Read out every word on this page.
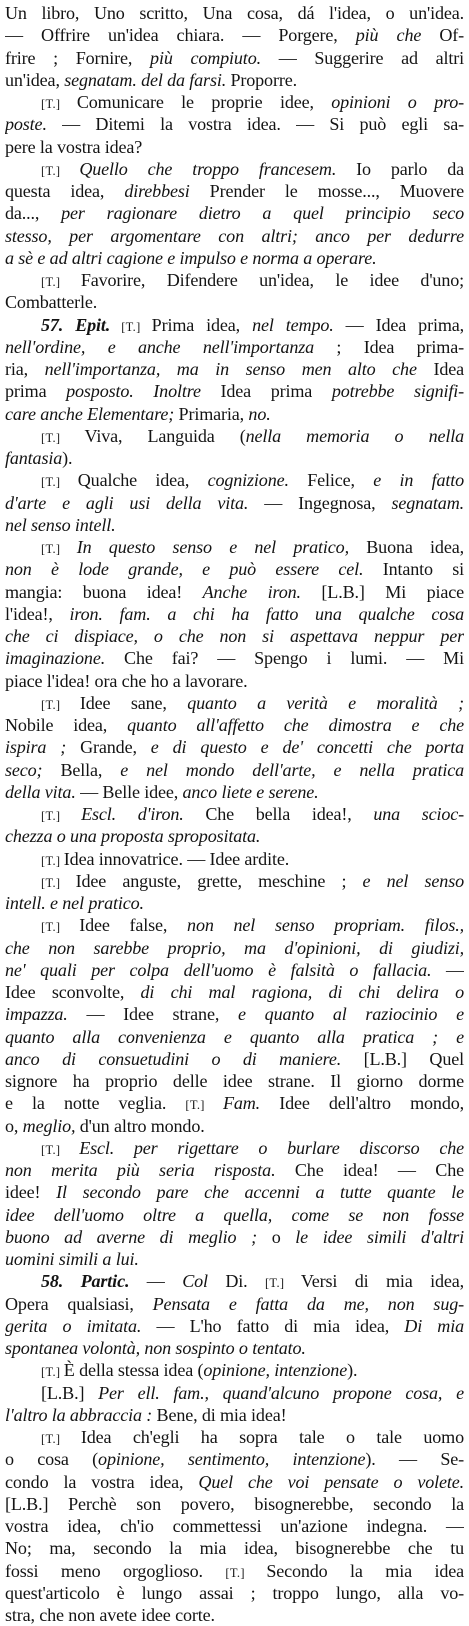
Un libro, Uno scritto, Una cosa, dá l'idea, o un'idea.
— Offrire un'idea chiara. — Porgere, più che Of-
frire ; Fornire, più compiuto. — Suggerire ad altri
un'idea, segnatam. del da farsi. Proporre.
[T.] Comunicare le proprie idee, opinioni o pro-
poste. — Ditemi la vostra idea. — Si può egli sa-
pere la vostra idea?
[T.] Quello che troppo francesem. Io parlo da
questa idea, direbbesi Prender le mosse..., Muovere
da..., per ragionare dietro a quel principio seco
stesso, per argomentare con altri; anco per dedurre
a sè e ad altri cagione e impulso e norma a operare.
[T.] Favorire, Difendere un'idea, le idee d'uno;
Combatterle.
57. Epit. [T.] Prima idea, nel tempo. — Idea prima,
nell'ordine, e anche nell'importanza ; Idea prima-
ria, nell'importanza, ma in senso men alto che Idea
prima posposto. Inoltre Idea prima potrebbe signifi-
care anche Elementare; Primaria, no.
[T.] Viva, Languida (nella memoria o nella
fantasia).
[T.] Qualche idea, cognizione. Felice, e in fatto
d'arte e agli usi della vita. — Ingegnosa, segnatam.
nel senso intell.
[T.] In questo senso e nel pratico, Buona idea,
non è lode grande, e può essere cel. Intanto si
mangia: buona idea! Anche iron. [L.B.] Mi piace
l'idea!, iron. fam. a chi ha fatto una qualche cosa
che ci dispiace, o che non si aspettava neppur per
imaginazione. Che fai? — Spengo i lumi. — Mi
piace l'idea! ora che ho a lavorare.
[T.] Idee sane, quanto a verità e moralità ;
Nobile idea, quanto all'affetto che dimostra e che
ispira ; Grande, e di questo e de' concetti che porta
seco; Bella, e nel mondo dell'arte, e nella pratica
della vita. — Belle idee, anco liete e serene.
[T.] Escl. d'iron. Che bella idea!, una scioc-
chezza o una proposta spropositata.
[T.] Idea innovatrice. — Idee ardite.
[T.] Idee anguste, grette, meschine ; e nel senso
intell. e nel pratico.
[T.] Idee false, non nel senso propriam. filos.,
che non sarebbe proprio, ma d'opinioni, di giudizi,
ne' quali per colpa dell'uomo è falsità o fallacia. —
Idee sconvolte, di chi mal ragiona, di chi delira o
impazza. — Idee strane, e quanto al raziocinio e
quanto alla convenienza e quanto alla pratica ; e
anco di consuetudini o di maniere. [L.B.] Quel
signore ha proprio delle idee strane. Il giorno dorme
e la notte veglia. [T.] Fam. Idee dell'altro mondo,
o, meglio, d'un altro mondo.
[T.] Escl. per rigettare o burlare discorso che
non merita più seria risposta. Che idea! — Che
idee! Il secondo pare che accenni a tutte quante le
idee dell'uomo oltre a quella, come se non fosse
buono ad averne di meglio ; o le idee simili d'altri
uomini simili a lui.
58. Partic. — Col Di. [T.] Versi di mia idea,
Opera qualsiasi, Pensata e fatta da me, non sug-
gerita o imitata. — L'ho fatto di mia idea, Di mia
spontanea volontà, non sospinto o tentato.
[T.] È della stessa idea (opinione, intenzione).
[L.B.] Per ell. fam., quand'alcuno propone cosa, e
l'altro la abbraccia : Bene, di mia idea!
[T.] Idea ch'egli ha sopra tale o tale uomo
o cosa (opinione, sentimento, intenzione). — Se-
condo la vostra idea, Quel che voi pensate o volete.
[L.B.] Perchè son povero, bisognerebbe, secondo la
vostra idea, ch'io commettessi un'azione indegna. —
No; ma, secondo la mia idea, bisognerebbe che tu
fossi meno orgoglioso. [T.] Secondo la mia idea
quest'articolo è lungo assai ; troppo lungo, alla vo-
stra, che non avete idee corte.
